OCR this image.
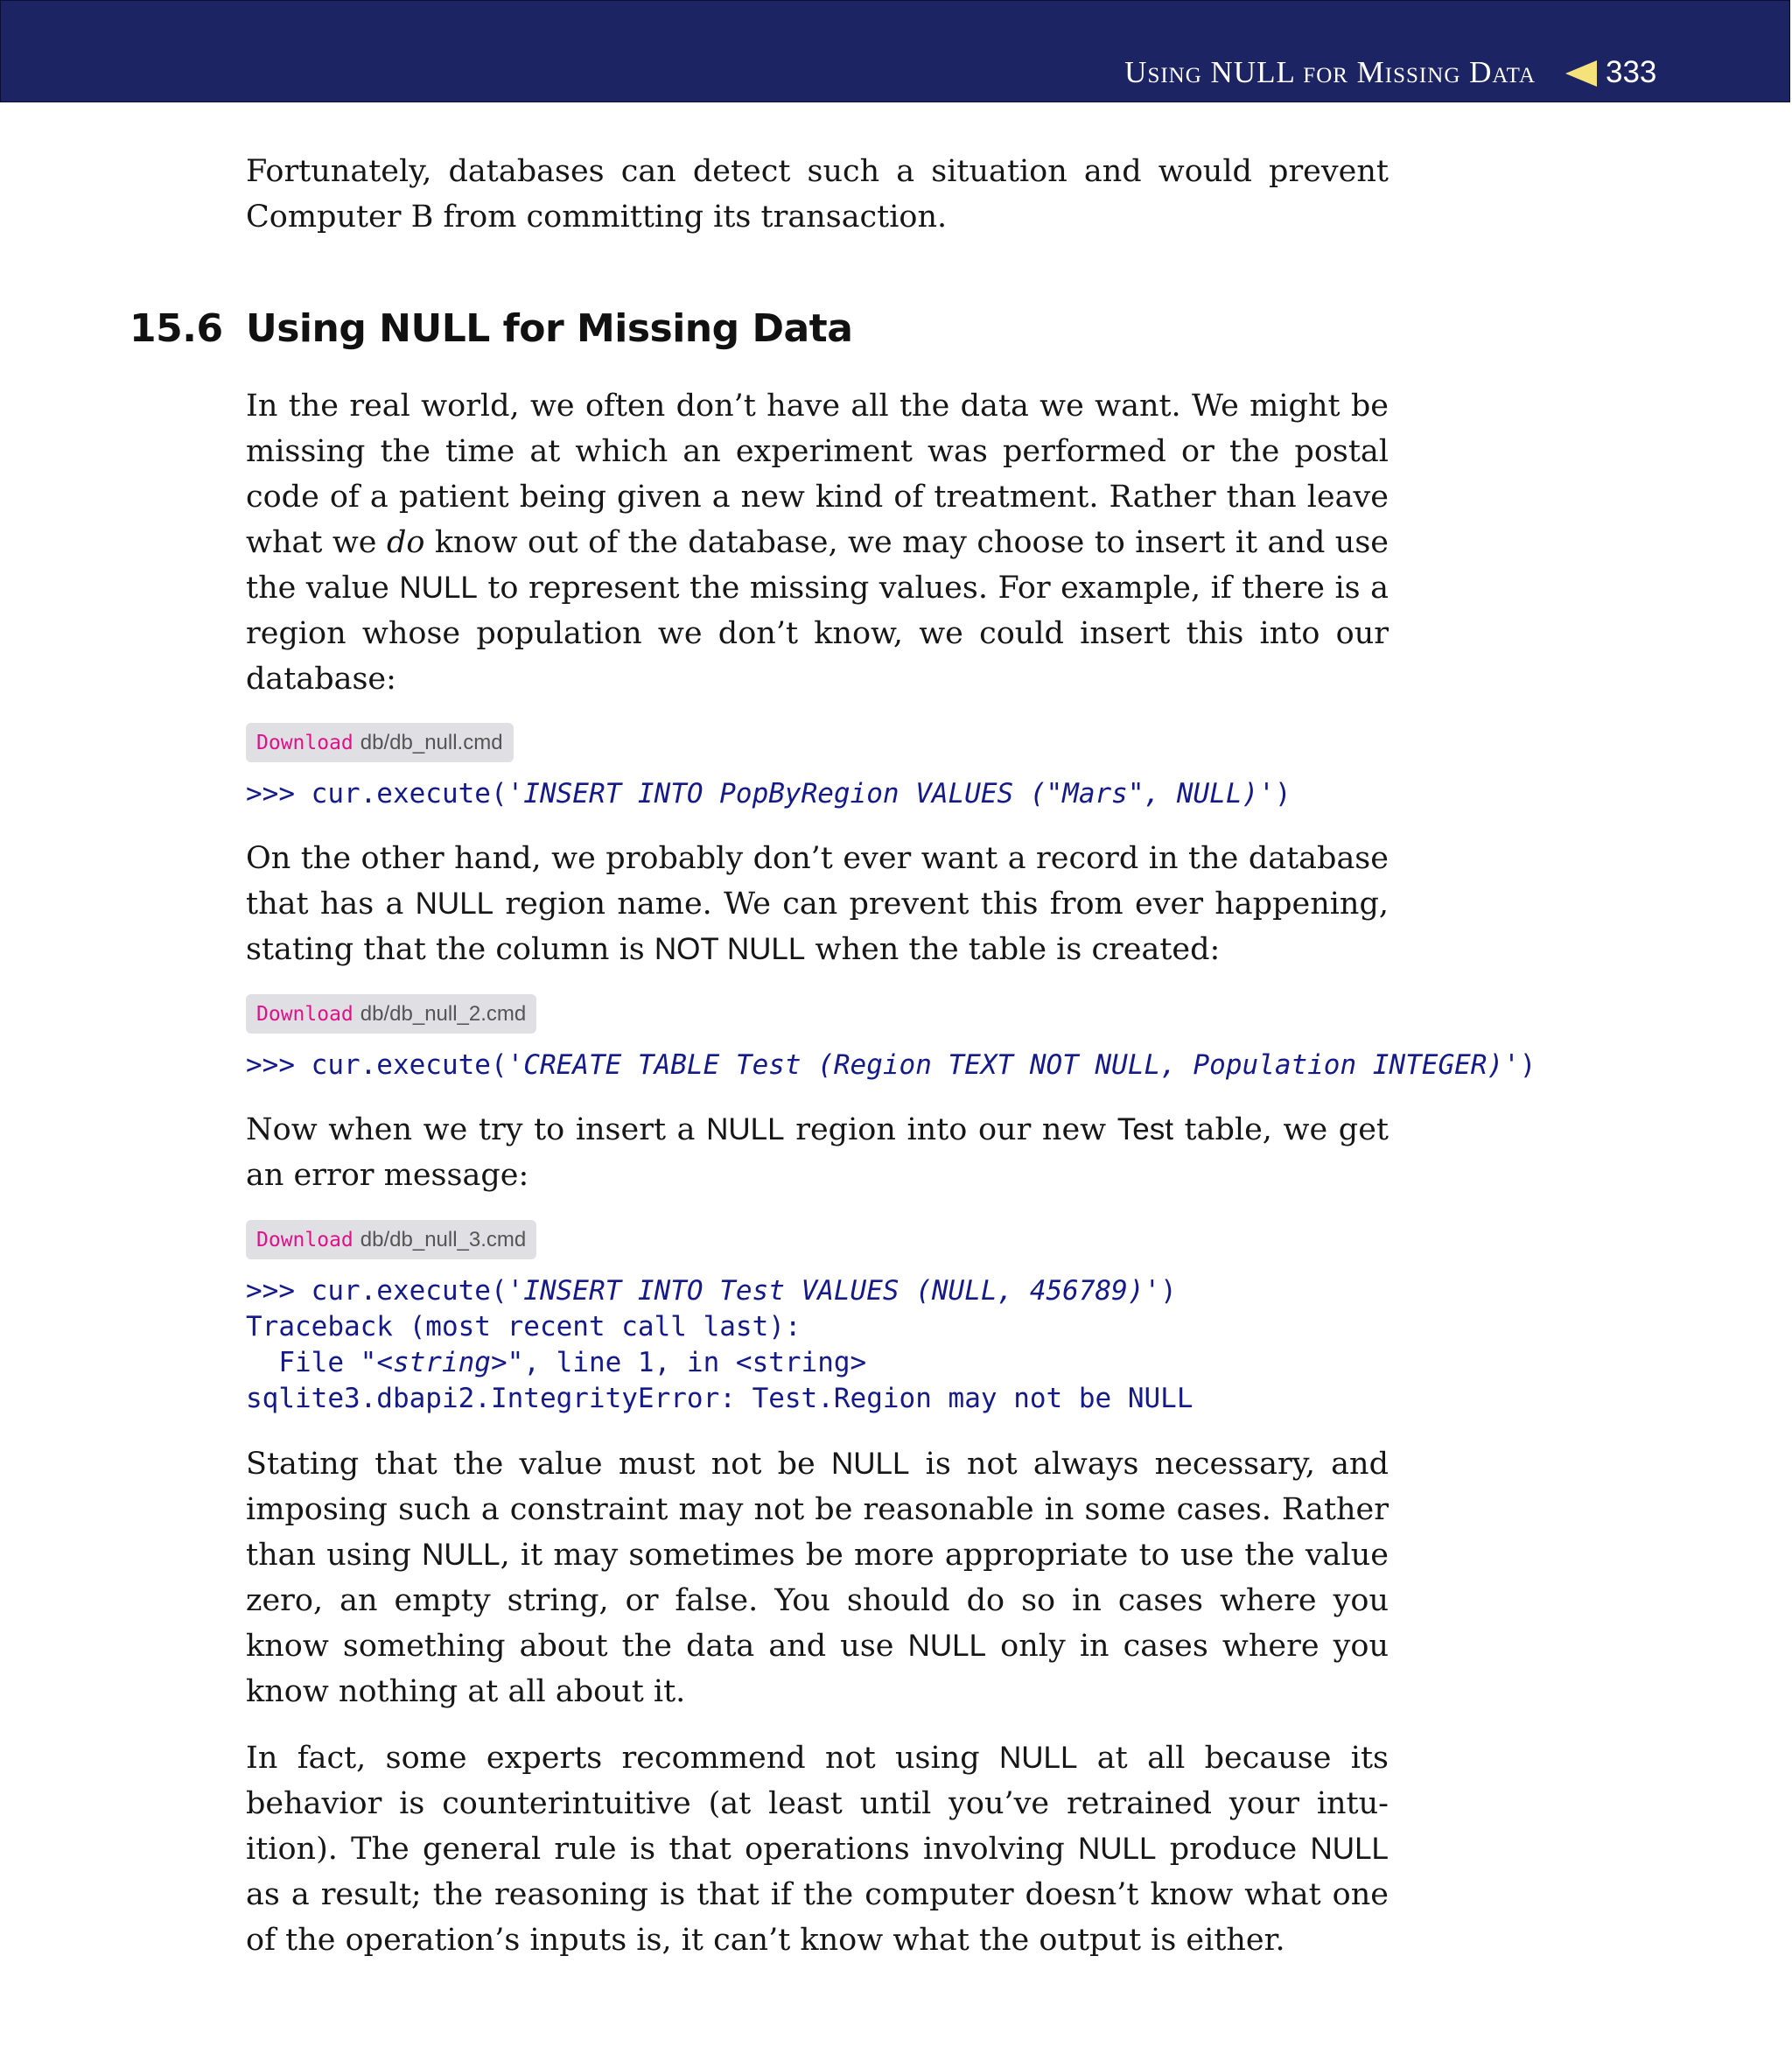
Using NULL for Missing Data 333

Fortunately, databases can detect such a situation and would prevent Computer B from committing its transaction.

15.6 Using NULL for Missing Data

In the real world, we often don’t have all the data we want. We might be missing the time at which an experiment was performed or the postal code of a patient being given a new kind of treatment. Rather than leave what we do know out of the database, we may choose to insert it and use the value NULL to represent the missing values. For example, if there is a region whose population we don’t know, we could insert this into our database:

Download db/db_null.cmd
>>> cur.execute('INSERT INTO PopByRegion VALUES ("Mars", NULL)')

On the other hand, we probably don’t ever want a record in the database that has a NULL region name. We can prevent this from ever happening, stating that the column is NOT NULL when the table is created:

Download db/db_null_2.cmd
>>> cur.execute('CREATE TABLE Test (Region TEXT NOT NULL, Population INTEGER)')

Now when we try to insert a NULL region into our new Test table, we get an error message:

Download db/db_null_3.cmd
>>> cur.execute('INSERT INTO Test VALUES (NULL, 456789)')
Traceback (most recent call last):
File "<string>", line 1, in <string>
sqlite3.dbapi2.IntegrityError: Test.Region may not be NULL

Stating that the value must not be NULL is not always necessary, and imposing such a constraint may not be reasonable in some cases. Rather than using NULL, it may sometimes be more appropriate to use the value zero, an empty string, or false. You should do so in cases where you know something about the data and use NULL only in cases where you know nothing at all about it.

In fact, some experts recommend not using NULL at all because its behavior is counterintuitive (at least until you’ve retrained your intuition). The general rule is that operations involving NULL produce NULL as a result; the reasoning is that if the computer doesn’t know what one of the operation’s inputs is, it can’t know what the output is either.
